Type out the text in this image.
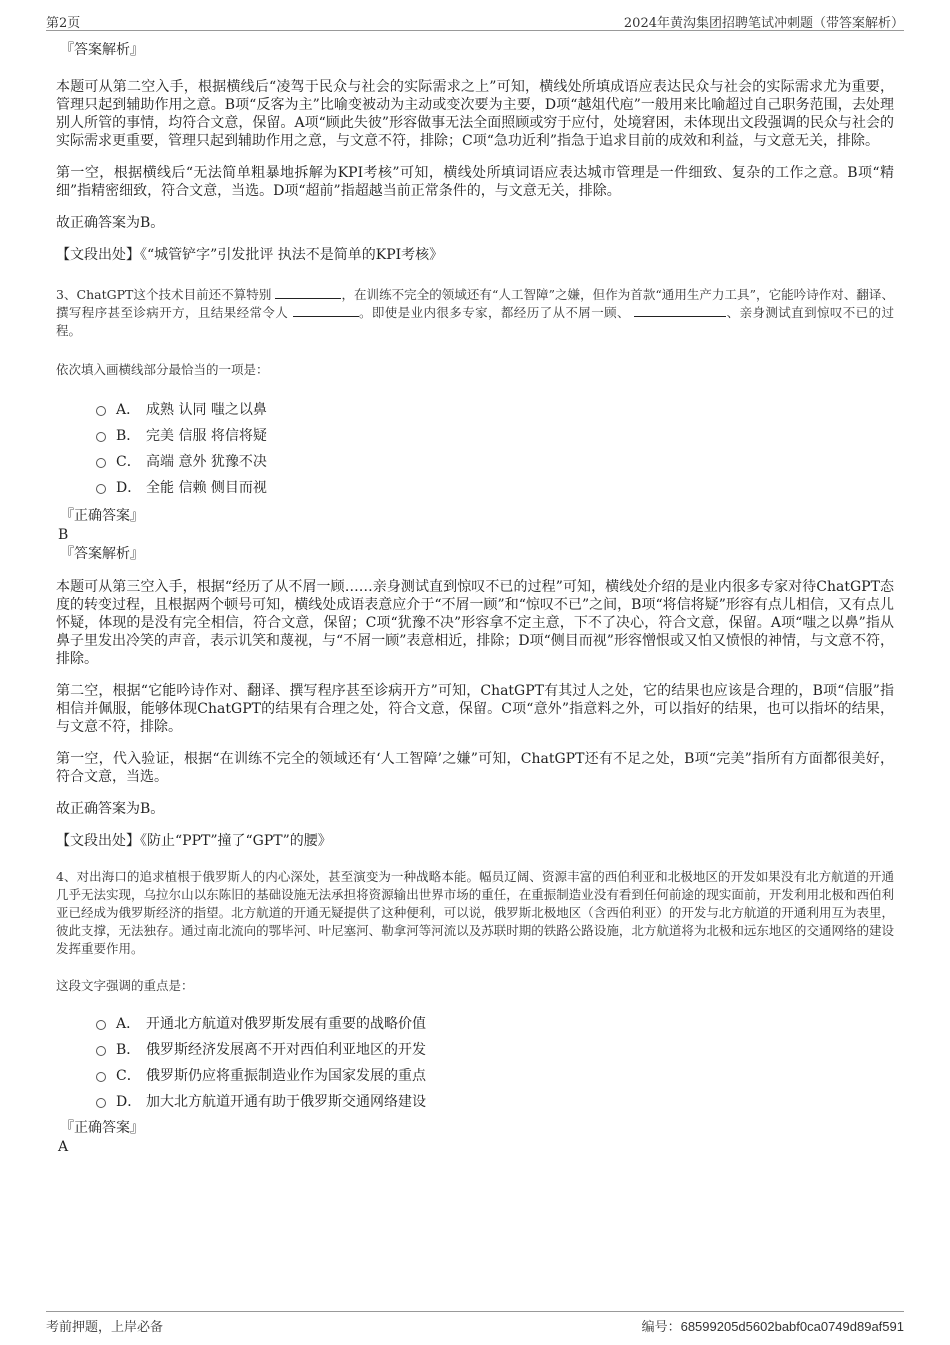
第2页	2024年黄沟集团招聘笔试冲刺题（带答案解析）
『答案解析』

本题可从第二空入手，根据横线后“凌驾于民众与社会的实际需求之上”可知，横线处所填成语应表达民众与社会的实际需求尤为重要，管理只起到辅助作用之意。B项“反客为主”比喻变被动为主动或变次要为主要，D项“越俎代庖”一般用来比喻超过自己职务范围，去处理别人所管的事情，均符合文意，保留。A项“顾此失彼”形容做事无法全面照顾或穷于应付，处境窘困，未体现出文段强调的民众与社会的实际需求更重要，管理只起到辅助作用之意，与文意不符，排除；C项“急功近利”指急于追求目前的成效和利益，与文意无关，排除。

第一空，根据横线后“无法简单粗暴地拆解为KPI考核”可知，横线处所填词语应表达城市管理是一件细致、复杂的工作之意。B项“精细”指精密细致，符合文意，当选。D项“超前”指超越当前正常条件的，与文意无关，排除。

故正确答案为B。

【文段出处】《“城管铲字”引发批评 执法不是简单的KPI考核》

3、ChatGPT这个技术目前还不算特别	，在训练不完全的领域还有“人工智障”之嫌，但作为首款“通用生产力工具”，它能吟诗作对、翻译、撰写程序甚至诊病开方，且结果经常令人	。即使是业内很多专家，都经历了从不屑一顾、	、亲身测试直到惊叹不已的过程。

依次填入画横线部分最恰当的一项是：

A． 成熟 认同 嗤之以鼻
B． 完美 信服 将信将疑
C． 高端 意外 犹豫不决
D． 全能 信赖 侧目而视
『正确答案』
B
『答案解析』

本题可从第三空入手，根据“经历了从不屑一顾……亲身测试直到惊叹不已的过程”可知，横线处介绍的是业内很多专家对待ChatGPT态度的转变过程，且根据两个顿号可知，横线处成语表意应介于“不屑一顾”和“惊叹不已”之间，B项“将信将疑”形容有点儿相信，又有点儿怀疑，体现的是没有完全相信，符合文意，保留；C项“犹豫不决”形容拿不定主意，下不了决心，符合文意，保留。A项“嗤之以鼻”指从鼻子里发出冷笑的声音，表示讥笑和蔑视，与“不屑一顾”表意相近，排除；D项“侧目而视”形容憎恨或又怕又愤恨的神情，与文意不符，排除。

第二空，根据“它能吟诗作对、翻译、撰写程序甚至诊病开方”可知，ChatGPT有其过人之处，它的结果也应该是合理的，B项“信服”指相信并佩服，能够体现ChatGPT的结果有合理之处，符合文意，保留。C项“意外”指意料之外，可以指好的结果，也可以指坏的结果，与文意不符，排除。

第一空，代入验证，根据“在训练不完全的领域还有‘人工智障’之嫌”可知，ChatGPT还有不足之处，B项“完美”指所有方面都很美好，符合文意，当选。

故正确答案为B。

【文段出处】《防止“PPT”撞了“GPT”的腰》

4、对出海口的追求植根于俄罗斯人的内心深处，甚至演变为一种战略本能。幅员辽阔、资源丰富的西伯利亚和北极地区的开发如果没有北方航道的开通几乎无法实现，乌拉尔山以东陈旧的基础设施无法承担将资源输出世界市场的重任，在重振制造业没有看到任何前途的现实面前，开发利用北极和西伯利亚已经成为俄罗斯经济的指望。北方航道的开通无疑提供了这种便利，可以说，俄罗斯北极地区（含西伯利亚）的开发与北方航道的开通利用互为表里，彼此支撑，无法独存。通过南北流向的鄂毕河、叶尼塞河、勒拿河等河流以及苏联时期的铁路公路设施，北方航道将为北极和远东地区的交通网络的建设发挥重要作用。

这段文字强调的重点是：

A． 开通北方航道对俄罗斯发展有重要的战略价值
B． 俄罗斯经济发展离不开对西伯利亚地区的开发
C． 俄罗斯仍应将重振制造业作为国家发展的重点
D． 加大北方航道开通有助于俄罗斯交通网络建设
『正确答案』
A
考前押题，上岸必备	编号：68599205d5602babf0ca0749d89af591
